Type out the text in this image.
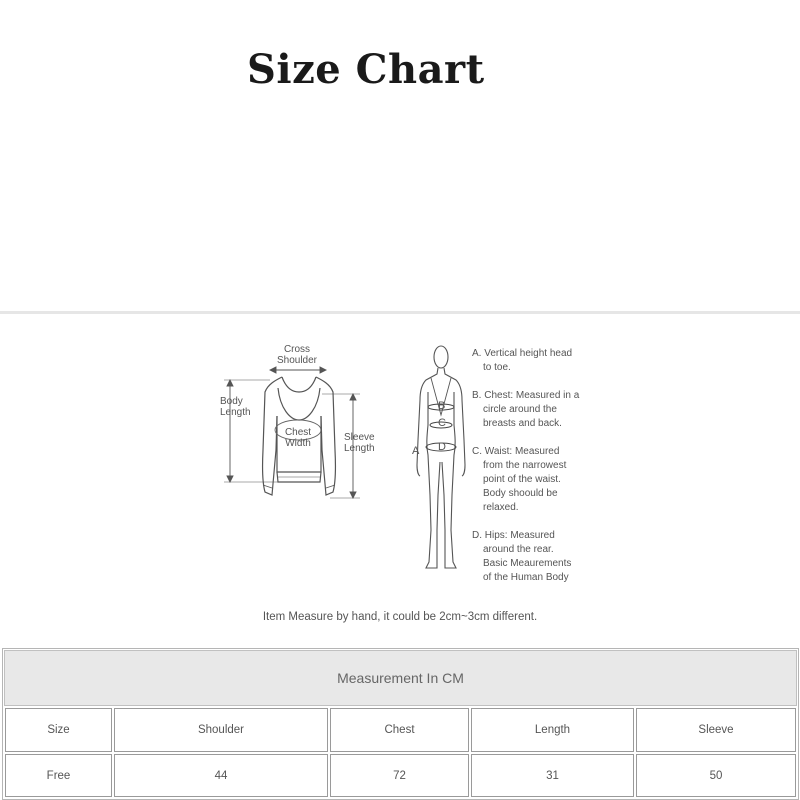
Size Chart
Cross
Shoulder
Body
Length
Chest
Width
Sleeve
Length
B
C
A D
A. Vertical height head
to toe.
B. Chest: Measured in a
circle around the
breasts and back.
C. Waist: Measured
from the narrowest
point of the waist.
Body shoould be
relaxed.
D. Hips: Measured
around the rear.
Basic Meaurements
of the Human Body
Item Measure by hand, it could be 2cm~3cm different.
Measurement In CM
Size	Shoulder	Chest	Length	Sleeve
Free	44	72	31	50
